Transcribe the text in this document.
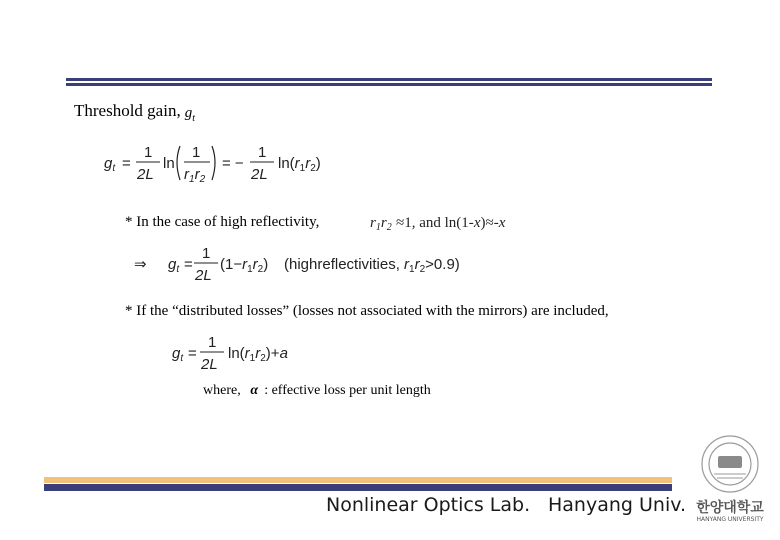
Threshold gain, $g_t$
$g_t$ =
1
2L
ln
1
$r_1r_2$
= −
1
2L
$\ln(r_1r_2)$
* In the case of high reflectivity,	$r_1r_2 \approx 1$, and ln(1-x)≈-x
⇒ $g_t$ =
1
2L
$(1-r_1r_2)$ (highreflectivities, $r_1r_2>0.9$)
* If the “distributed losses” (losses not associated with the mirrors) are included,
$g_t$ =
1
2L
$\ln(r_1r_2)+a$
where, α : effective loss per unit length
Nonlinear Optics Lab. Hanyang Univ. 한양대학교
HANYANG UNIVERSITY
